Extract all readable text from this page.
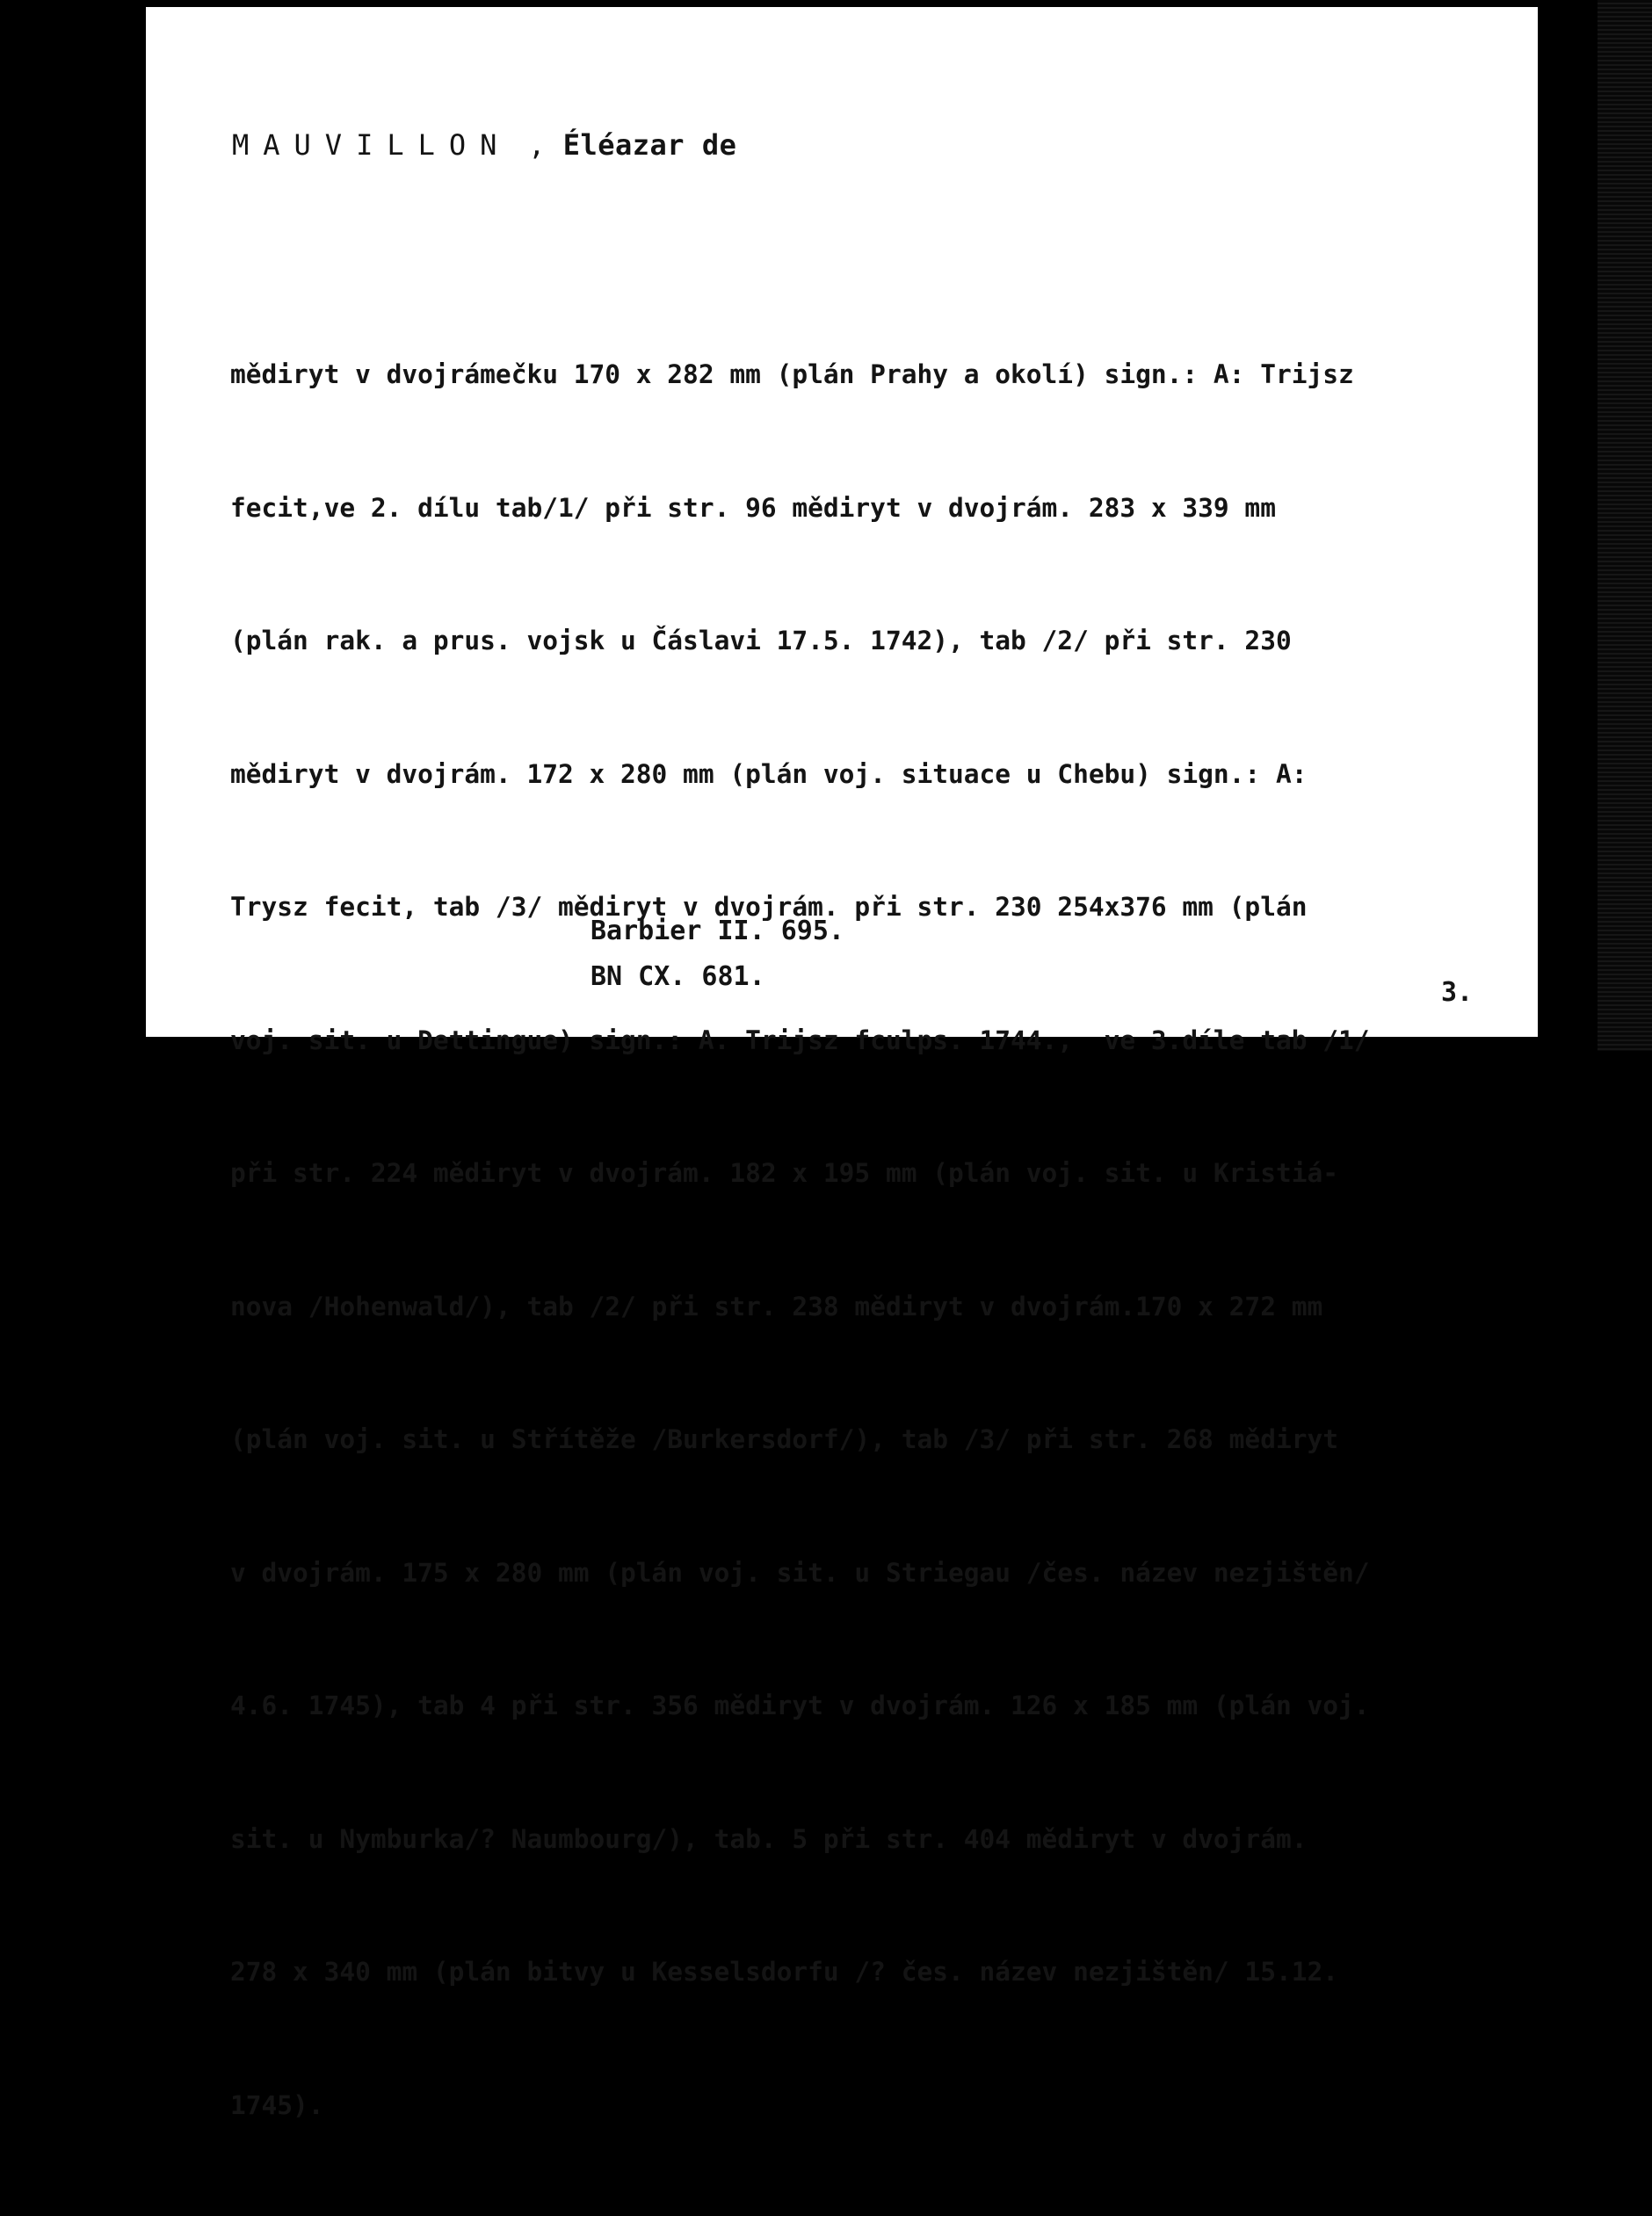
MAUVILLON , Éléazar de

mědiryt v dvojrámečku 170 x 282 mm (plán Prahy a okolí) sign.: A: Trijsz

fecit,ve 2. dílu tab/1/ při str. 96 mědiryt v dvojrám. 283 x 339 mm

(plán rak. a prus. vojsk u Čáslavi 17.5. 1742), tab /2/ při str. 230

mědiryt v dvojrám. 172 x 280 mm (plán voj. situace u Chebu) sign.: A:

Trysz fecit, tab /3/ mědiryt v dvojrám. při str. 230 254x376 mm (plán

voj. sit. u Dettingue) sign.: A. Trijsz fculps. 1744.,  ve 3.díle tab /1/

při str. 224 mědiryt v dvojrám. 182 x 195 mm (plán voj. sit. u Kristiá-

nova /Hohenwald/), tab /2/ při str. 238 mědiryt v dvojrám.170 x 272 mm

(plán voj. sit. u Střítěže /Burkersdorf/), tab /3/ při str. 268 mědiryt

v dvojrám. 175 x 280 mm (plán voj. sit. u Striegau /čes. název nezjištěn/

4.6. 1745), tab 4 při str. 356 mědiryt v dvojrám. 126 x 185 mm (plán voj.

sit. u Nymburka/? Naumbourg/), tab. 5 při str. 404 mědiryt v dvojrám.

278 x 340 mm (plán bitvy u Kesselsdorfu /? čes. název nezjištěn/ 15.12.

1745).

Barbier II. 695.
BN CX. 681.
3.
